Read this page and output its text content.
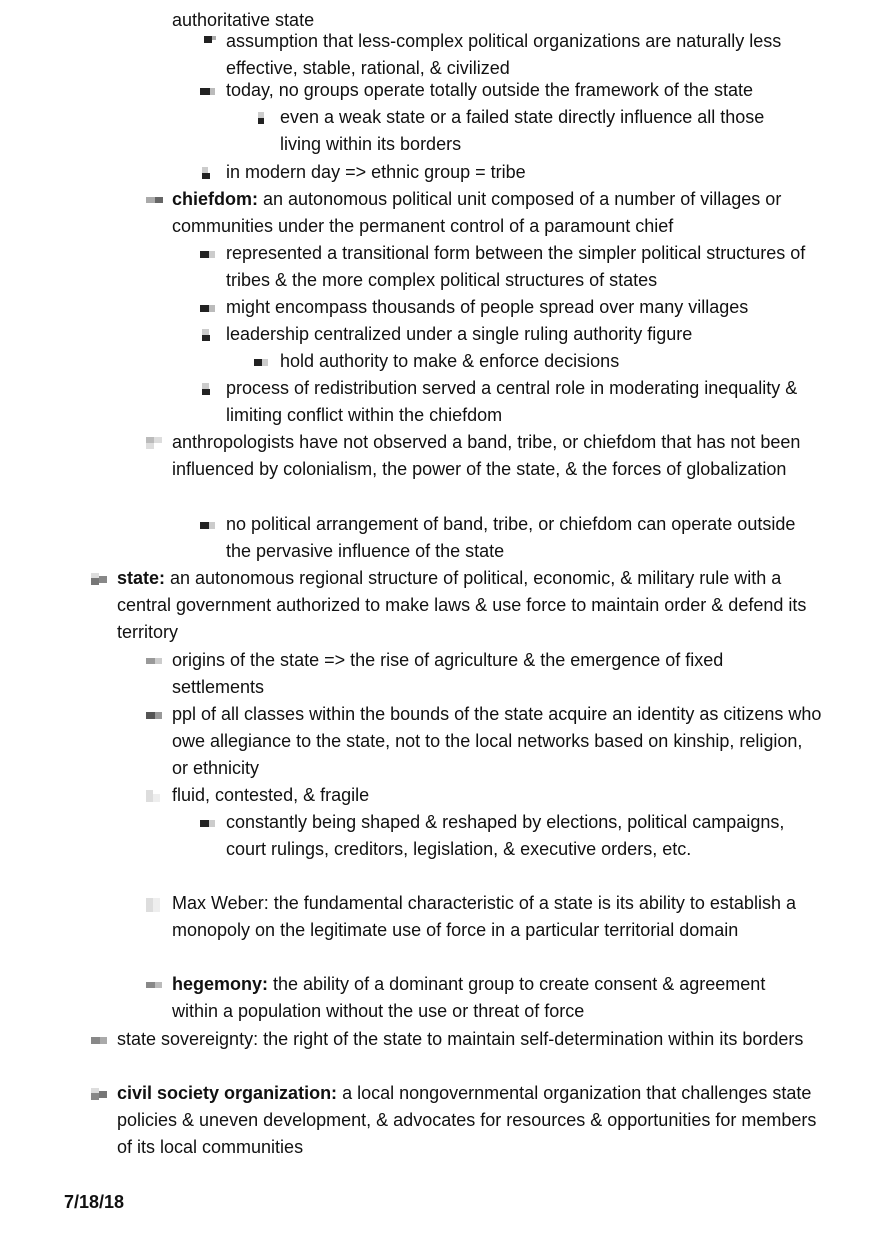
authoritative state
assumption that less-complex political organizations are naturally less effective, stable, rational, & civilized
today, no groups operate totally outside the framework of the state
even a weak state or a failed state directly influence all those living within its borders
in modern day => ethnic group = tribe
chiefdom: an autonomous political unit composed of a number of villages or communities under the permanent control of a paramount chief
represented a transitional form between the simpler political structures of tribes & the more complex political structures of states
might encompass thousands of people spread over many villages
leadership centralized under a single ruling authority figure
hold authority to make & enforce decisions
process of redistribution served a central role in moderating inequality & limiting conflict within the chiefdom
anthropologists have not observed a band, tribe, or chiefdom that has not been influenced by colonialism, the power of the state, & the forces of globalization
no political arrangement of band, tribe, or chiefdom can operate outside the pervasive influence of the state
state: an autonomous regional structure of political, economic, & military rule with a central government authorized to make laws & use force to maintain order & defend its territory
origins of the state => the rise of agriculture & the emergence of fixed settlements
ppl of all classes within the bounds of the state acquire an identity as citizens who owe allegiance to the state, not to the local networks based on kinship, religion, or ethnicity
fluid, contested, & fragile
constantly being shaped & reshaped by elections, political campaigns, court rulings, creditors, legislation, & executive orders, etc.
Max Weber: the fundamental characteristic of a state is its ability to establish a monopoly on the legitimate use of force in a particular territorial domain
hegemony: the ability of a dominant group to create consent & agreement within a population without the use or threat of force
state sovereignty: the right of the state to maintain self-determination within its borders
civil society organization: a local nongovernmental organization that challenges state policies & uneven development, & advocates for resources & opportunities for members of its local communities
7/18/18
